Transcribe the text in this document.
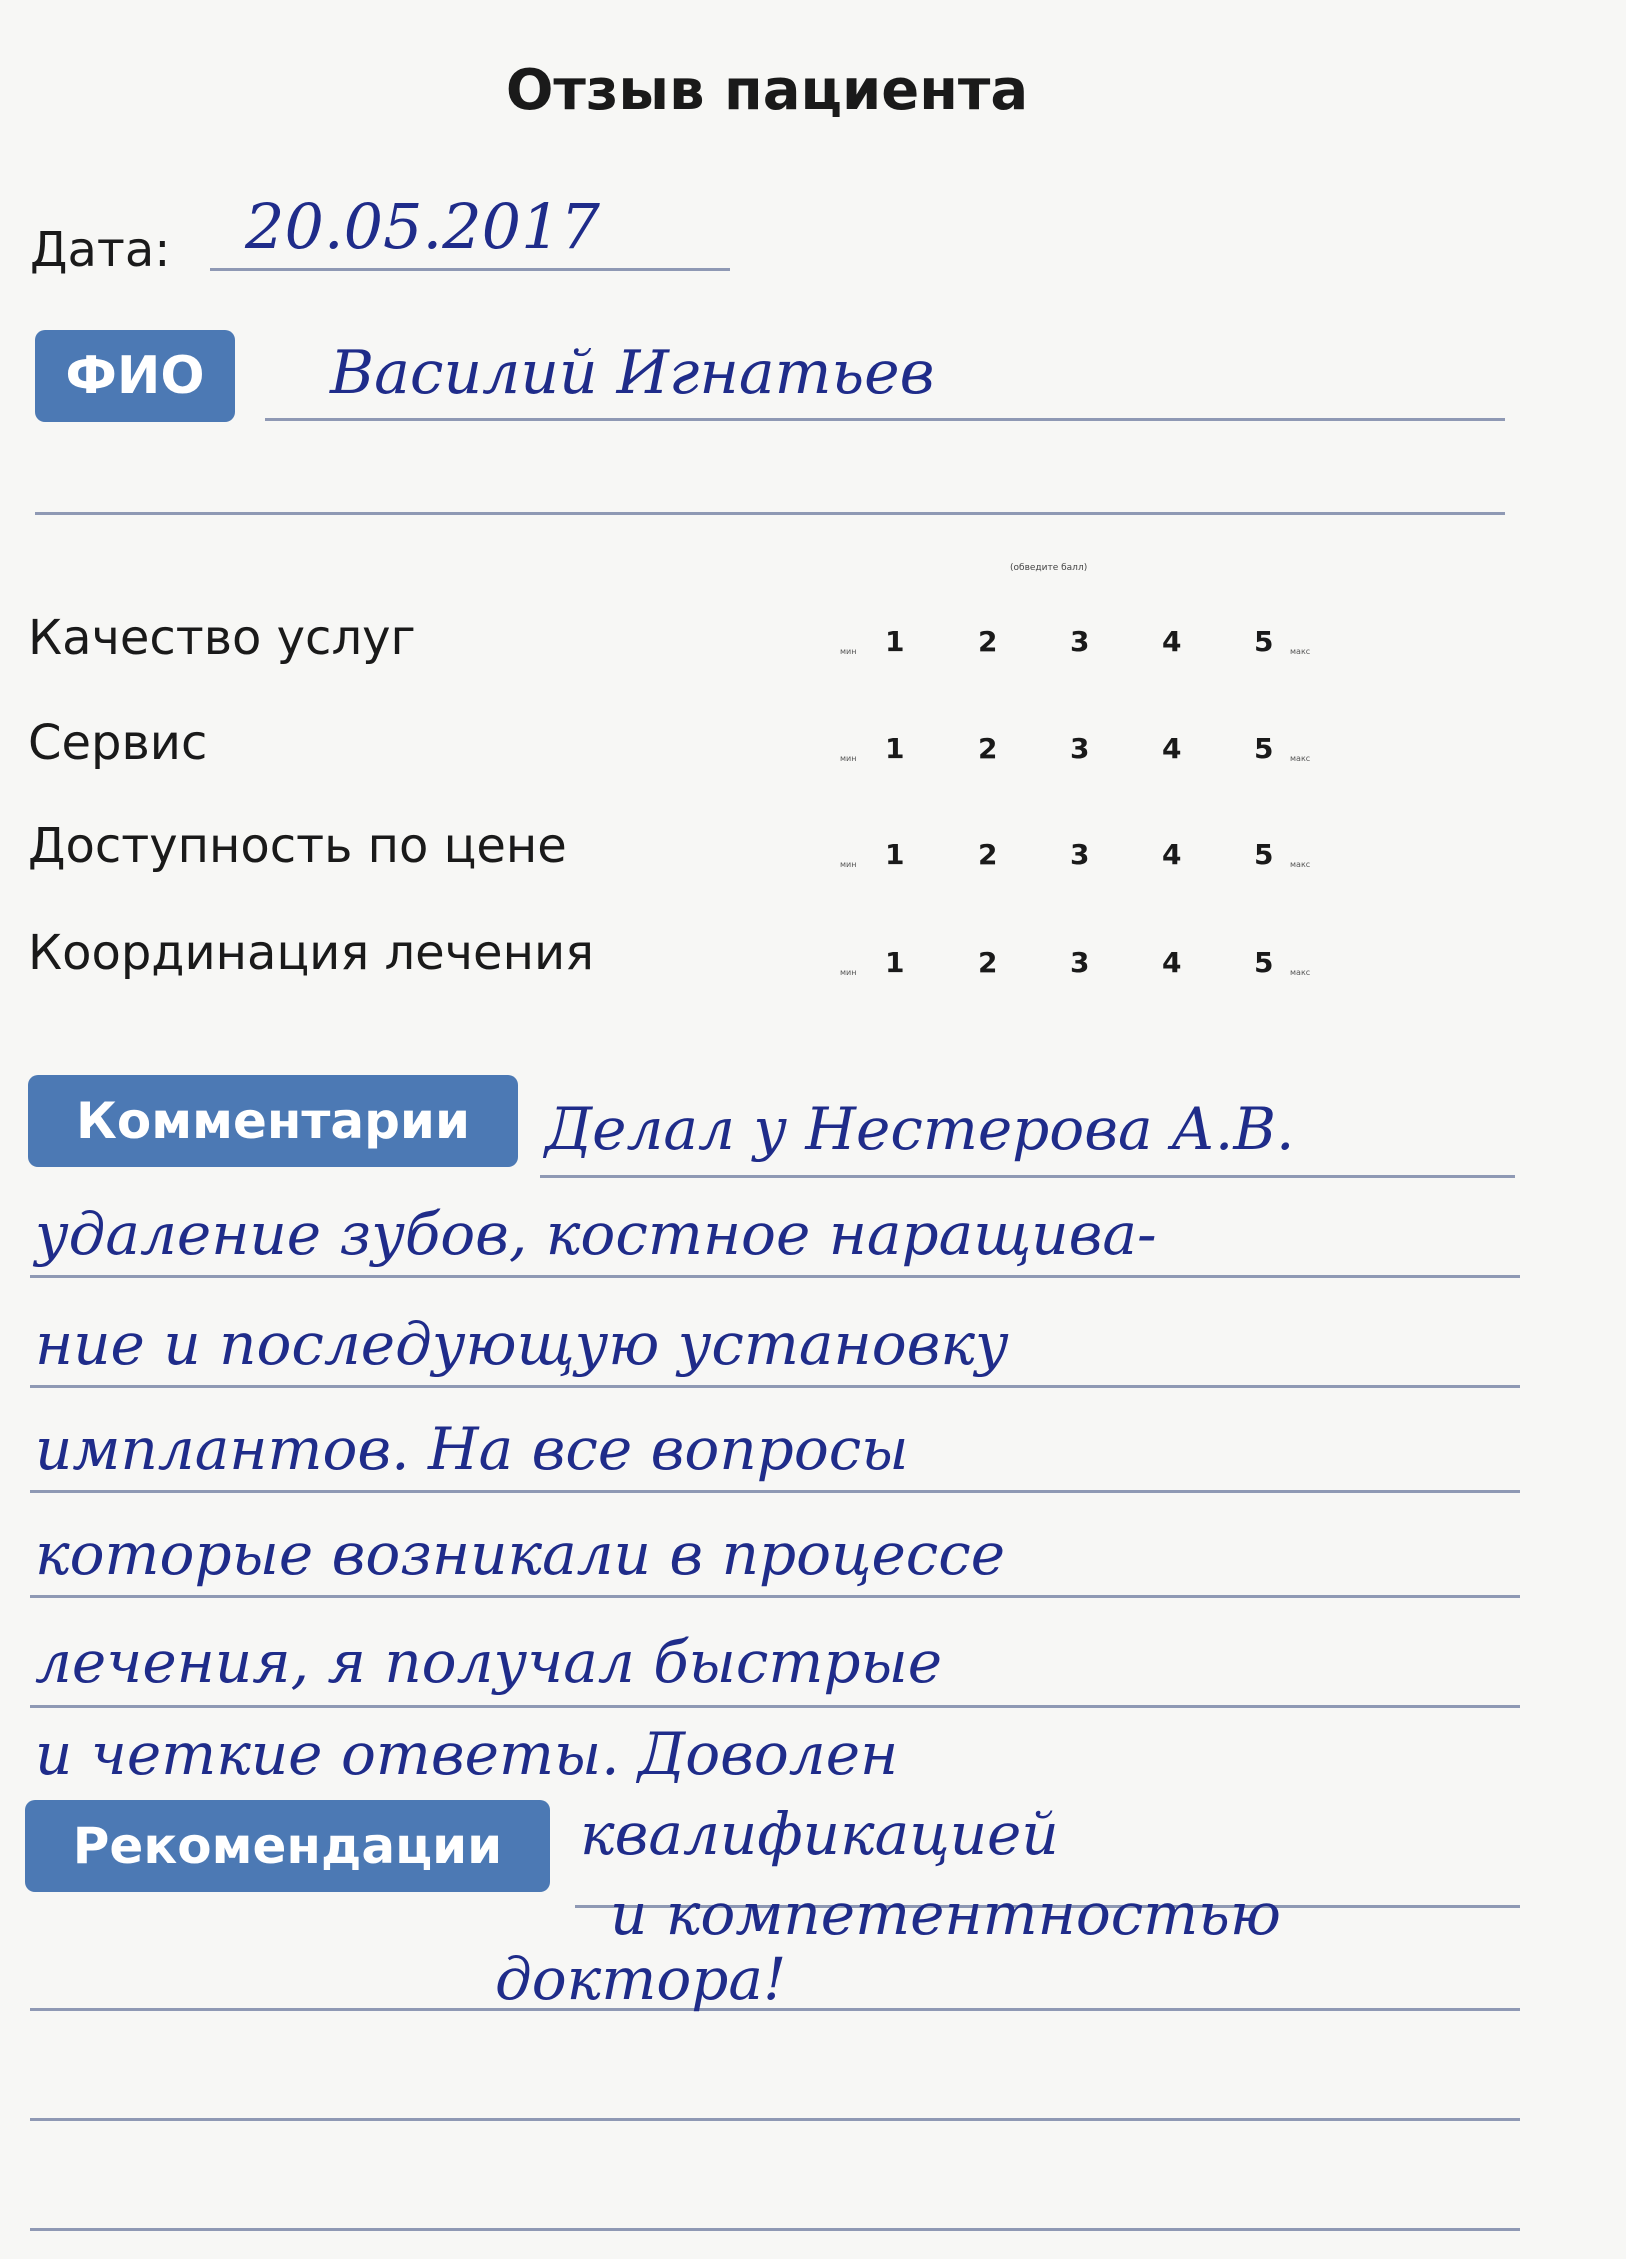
Отзыв пациента
Дата: 20.05.2017
ФИО	Василий Игнатьев
(обведите балл)
Качество услуг	мин 1	2	3	4	5 макс
Сервис	мин 1	2	3	4	5 макс
Доступность по цене	мин 1	2	3	4	5 макс
Координация лечения	мин 1	2	3	4	5 макс
Комментарии	Делал у Нестерова А.В.
удаление зубов, костное наращива-
ние и последующую установку
имплантов. На все вопросы
которые возникали в процессе
лечения, я получал быстрые
и четкие ответы. Доволен
Рекомендации	квалификацией
и компетентностью
доктора!
